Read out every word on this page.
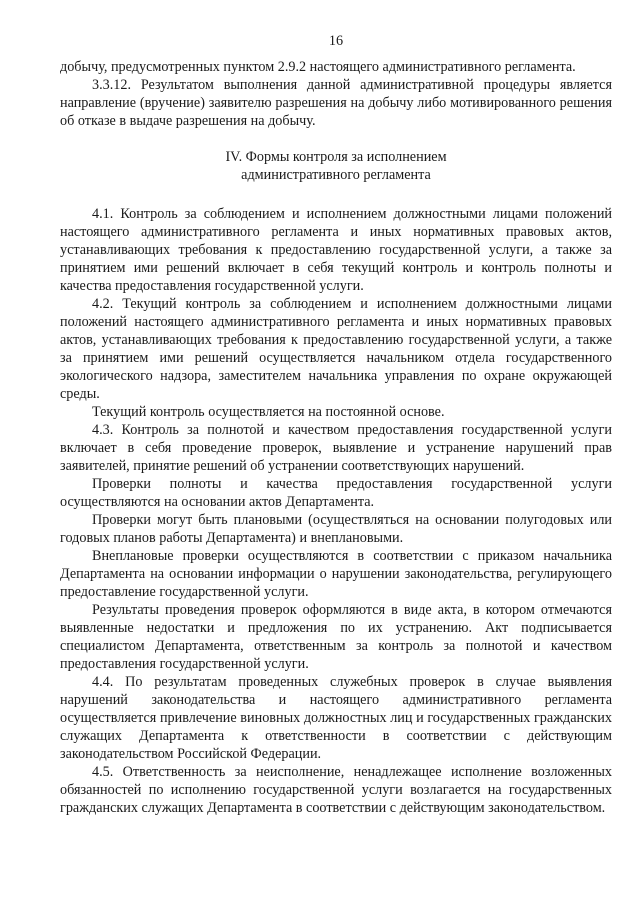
16

добычу, предусмотренных пунктом 2.9.2 настоящего административного регламента.

3.3.12. Результатом выполнения данной административной процедуры является направление (вручение) заявителю разрешения на добычу либо мотивированного решения об отказе в выдаче разрешения на добычу.

IV. Формы контроля за исполнением
административного регламента

4.1. Контроль за соблюдением и исполнением должностными лицами положений настоящего административного регламента и иных нормативных правовых актов, устанавливающих требования к предоставлению государственной услуги, а также за принятием ими решений включает в себя текущий контроль и контроль полноты и качества предоставления государственной услуги.

4.2. Текущий контроль за соблюдением и исполнением должностными лицами положений настоящего административного регламента и иных нормативных правовых актов, устанавливающих требования к предоставлению государственной услуги, а также за принятием ими решений осуществляется начальником отдела государственного экологического надзора, заместителем начальника управления по охране окружающей среды.

Текущий контроль осуществляется на постоянной основе.

4.3. Контроль за полнотой и качеством предоставления государственной услуги включает в себя проведение проверок, выявление и устранение нарушений прав заявителей, принятие решений об устранении соответствующих нарушений.

Проверки полноты и качества предоставления государственной услуги осуществляются на основании актов Департамента.

Проверки могут быть плановыми (осуществляться на основании полугодовых или годовых планов работы Департамента) и внеплановыми.

Внеплановые проверки осуществляются в соответствии с приказом начальника Департамента на основании информации о нарушении законодательства, регулирующего предоставление государственной услуги.

Результаты проведения проверок оформляются в виде акта, в котором отмечаются выявленные недостатки и предложения по их устранению. Акт подписывается специалистом Департамента, ответственным за контроль за полнотой и качеством предоставления государственной услуги.

4.4. По результатам проведенных служебных проверок в случае выявления нарушений законодательства и настоящего административного регламента осуществляется привлечение виновных должностных лиц и государственных гражданских служащих Департамента к ответственности в соответствии с действующим законодательством Российской Федерации.

4.5. Ответственность за неисполнение, ненадлежащее исполнение возложенных обязанностей по исполнению государственной услуги возлагается на государственных гражданских служащих Департамента в соответствии с действующим законодательством.
